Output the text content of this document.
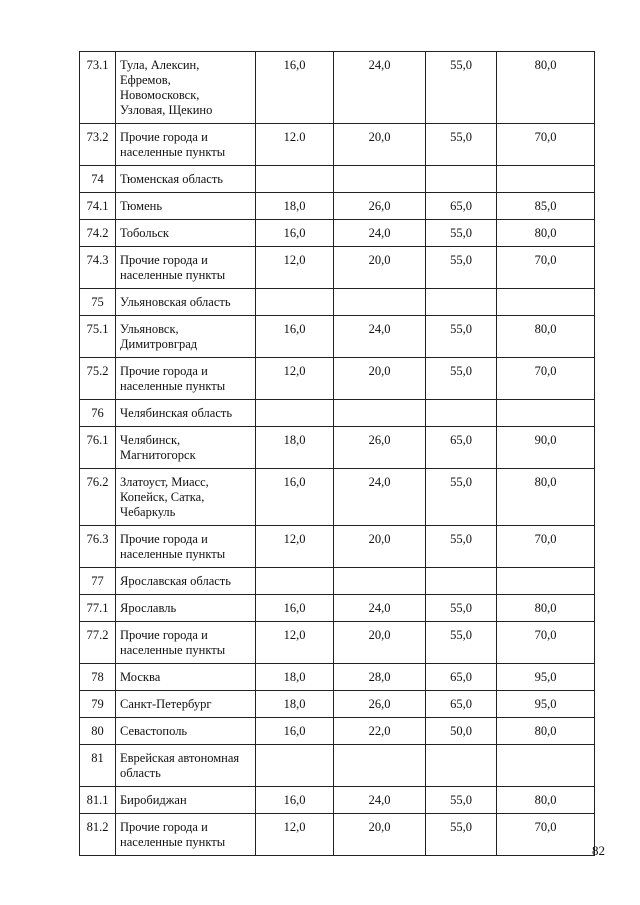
73.1	Тула, Алексин,
Ефремов,
Новомосковск,
Узловая, Щекино	16,0	24,0	55,0	80,0
73.2	Прочие города и
населенные пункты	12.0	20,0	55,0	70,0
74	Тюменская область				
74.1	Тюмень	18,0	26,0	65,0	85,0
74.2	Тобольск	16,0	24,0	55,0	80,0
74.3	Прочие города и
населенные пункты	12,0	20,0	55,0	70,0
75	Ульяновская область				
75.1	Ульяновск,
Димитровград	16,0	24,0	55,0	80,0
75.2	Прочие города и
населенные пункты	12,0	20,0	55,0	70,0
76	Челябинская область				
76.1	Челябинск,
Магнитогорск	18,0	26,0	65,0	90,0
76.2	Златоуст, Миасс,
Копейск, Сатка,
Чебаркуль	16,0	24,0	55,0	80,0
76.3	Прочие города и
населенные пункты	12,0	20,0	55,0	70,0
77	Ярославская область				
77.1	Ярославль	16,0	24,0	55,0	80,0
77.2	Прочие города и
населенные пункты	12,0	20,0	55,0	70,0
78	Москва	18,0	28,0	65,0	95,0
79	Санкт-Петербург	18,0	26,0	65,0	95,0
80	Севастополь	16,0	22,0	50,0	80,0
81	Еврейская автономная
область				
81.1	Биробиджан	16,0	24,0	55,0	80,0
81.2	Прочие города и
населенные пункты	12,0	20,0	55,0	70,0
82
